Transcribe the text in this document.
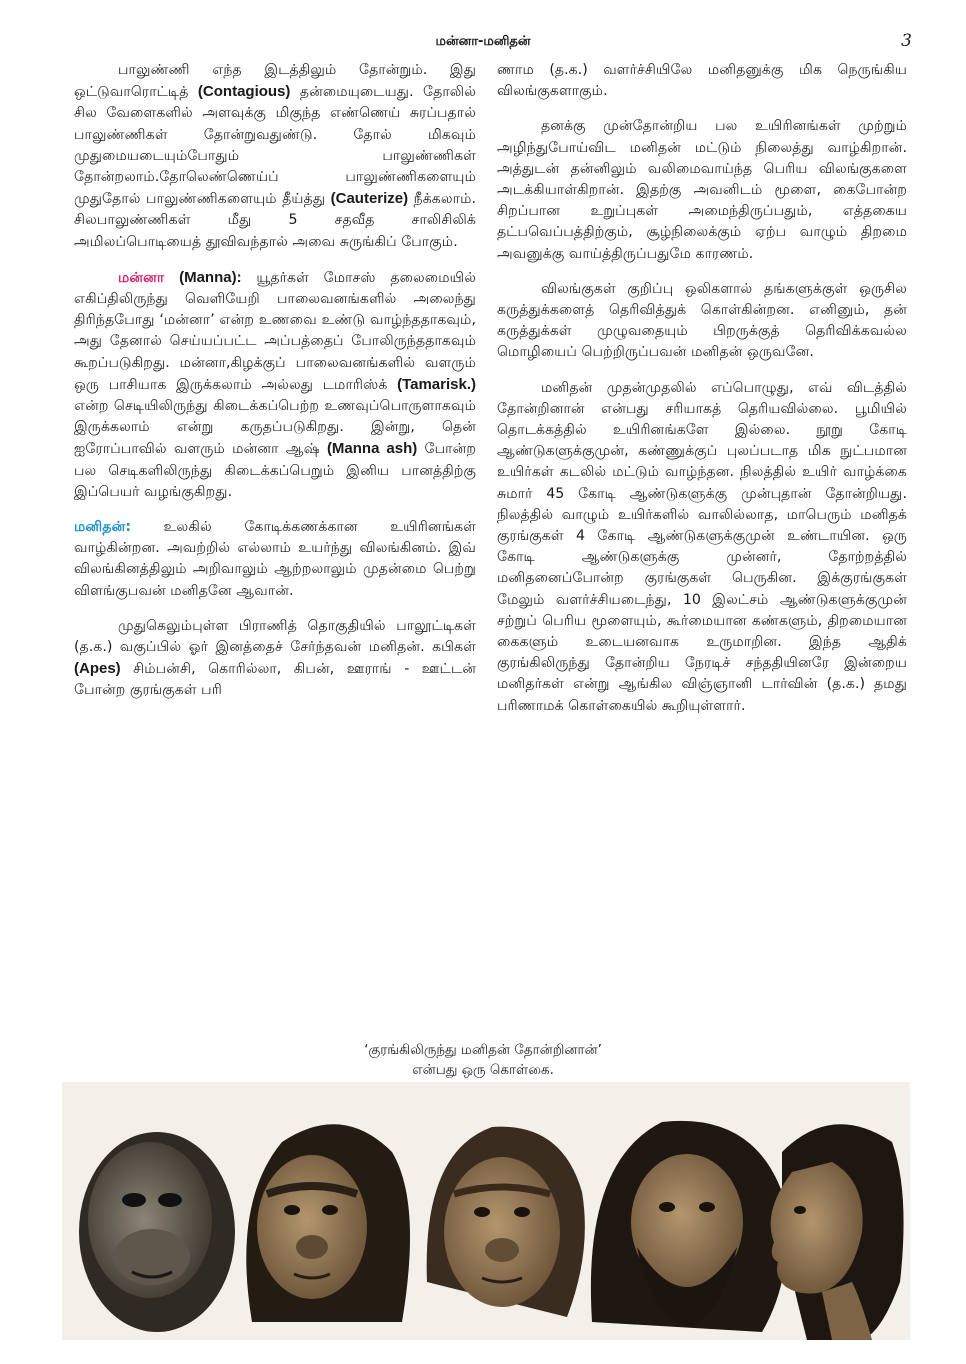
மன்னா-மனிதன்	3

பாலுண்ணி எந்த இடத்திலும் தோன்றும். இது ஒட்டுவாரொட்டித் (Contagious) தன்மையுடையது. தோலில் சில வேளைகளில் அளவுக்கு மிகுந்த எண்ணெய் சுரப்பதால் பாலுண்ணிகள் தோன்றுவதுண்டு. தோல் மிகவும் முதுமையடையும்போதும் பாலுண்ணிகள் தோன்றலாம்.தோலெண்ணெய்ப் பாலுண்ணிகளையும் முதுதோல் பாலுண்ணிகளையும் தீய்த்து (Cauterize) நீக்கலாம். சிலபாலுண்ணிகள் மீது 5 சதவீத சாலிசிலிக் அமிலப்பொடியைத் தூவிவந்தால் அவை சுருங்கிப் போகும்.

மன்னா (Manna): யூதர்கள் மோசஸ் தலைமையில் எகிப்திலிருந்து வெளியேறி பாலைவனங்களில் அலைந்து திரிந்தபோது ‘மன்னா’ என்ற உணவை உண்டு வாழ்ந்ததாகவும், அது தேனால் செய்யப்பட்ட அப்பத்தைப் போலிருந்ததாகவும் கூறப்படுகிறது. மன்னா,கிழக்குப் பாலைவனங்களில் வளரும் ஒரு பாசியாக இருக்கலாம் அல்லது டமாரிஸ்க் (Tamarisk.) என்ற செடியிலிருந்து கிடைக்கப்பெற்ற உணவுப்பொருளாகவும் இருக்கலாம் என்று கருதப்படுகிறது. இன்று, தென் ஐரோப்பாவில் வளரும் மன்னா ஆஷ் (Manna ash) போன்ற பல செடிகளிலிருந்து கிடைக்கப்பெறும் இனிய பானத்திற்கு இப்பெயர் வழங்குகிறது.

மனிதன்: உலகில் கோடிக்கணக்கான உயிரினங்கள் வாழ்கின்றன. அவற்றில் எல்லாம் உயர்ந்து விலங்கினம். இவ் விலங்கினத்திலும் அறிவாலும் ஆற்றலாலும் முதன்மை பெற்று விளங்குபவன் மனிதனே ஆவான்.

முதுகெலும்புள்ள பிராணித் தொகுதியில் பாலூட்டிகள் (த.க.) வகுப்பில் ஓர் இனத்தைச் சேர்ந்தவன் மனிதன். கபிகள் (Apes) சிம்பன்சி, கொரில்லா, கிபன், ஊராங் - ஊட்டன் போன்ற குரங்குகள் பரி

ணாம (த.க.) வளர்ச்சியிலே மனிதனுக்கு மிக நெருங்கிய விலங்குகளாகும்.

தனக்கு முன்தோன்றிய பல உயிரினங்கள் முற்றும் அழிந்துபோய்விட மனிதன் மட்டும் நிலைத்து வாழ்கிறான். அத்துடன் தன்னிலும் வலிமைவாய்ந்த பெரிய விலங்குகளை அடக்கியாள்கிறான். இதற்கு அவனிடம் மூளை, கைபோன்ற சிறப்பான உறுப்புகள் அமைந்திருப்பதும், எத்தகைய தட்பவெப்பத்திற்கும், சூழ்நிலைக்கும் ஏற்ப வாழும் திறமை அவனுக்கு வாய்த்திருப்பதுமே காரணம்.

விலங்குகள் குறிப்பு ஒலிகளால் தங்களுக்குள் ஒருசில கருத்துக்களைத் தெரிவித்துக் கொள்கின்றன. எனினும், தன் கருத்துக்கள் முழுவதையும் பிறருக்குத் தெரிவிக்கவல்ல மொழியைப் பெற்றிருப்பவன் மனிதன் ஒருவனே.

மனிதன் முதன்முதலில் எப்பொழுது, எவ் விடத்தில் தோன்றினான் என்பது சரியாகத் தெரியவில்லை. பூமியில் தொடக்கத்தில் உயிரினங்களே இல்லை. நூறு கோடி ஆண்டுகளுக்குமுன், கண்ணுக்குப் புலப்படாத மிக நுட்பமான உயிர்கள் கடலில் மட்டும் வாழ்ந்தன. நிலத்தில் உயிர் வாழ்க்கை சுமார் 45 கோடி ஆண்டுகளுக்கு முன்புதான் தோன்றியது. நிலத்தில் வாழும் உயிர்களில் வாலில்லாத, மாபெரும் மனிதக் குரங்குகள் 4 கோடி ஆண்டுகளுக்குமுன் உண்டாயின. ஒரு கோடி ஆண்டுகளுக்கு முன்னர், தோற்றத்தில் மனிதனைப்போன்ற குரங்குகள் பெருகின. இக்குரங்குகள் மேலும் வளர்ச்சியடைந்து, 10 இலட்சம் ஆண்டுகளுக்குமுன் சற்றுப் பெரிய மூளையும், கூர்மையான கண்களும், திறமையான கைகளும் உடையனவாக உருமாறின. இந்த ஆதிக் குரங்கிலிருந்து தோன்றிய நேரடிச் சந்ததியினரே இன்றைய மனிதர்கள் என்று ஆங்கில விஞ்ஞானி டார்வின் (த.க.) தமது பரிணாமக் கொள்கையில் கூறியுள்ளார்.

‘குரங்கிலிருந்து மனிதன் தோன்றினான்’
என்பது ஒரு கொள்கை.
